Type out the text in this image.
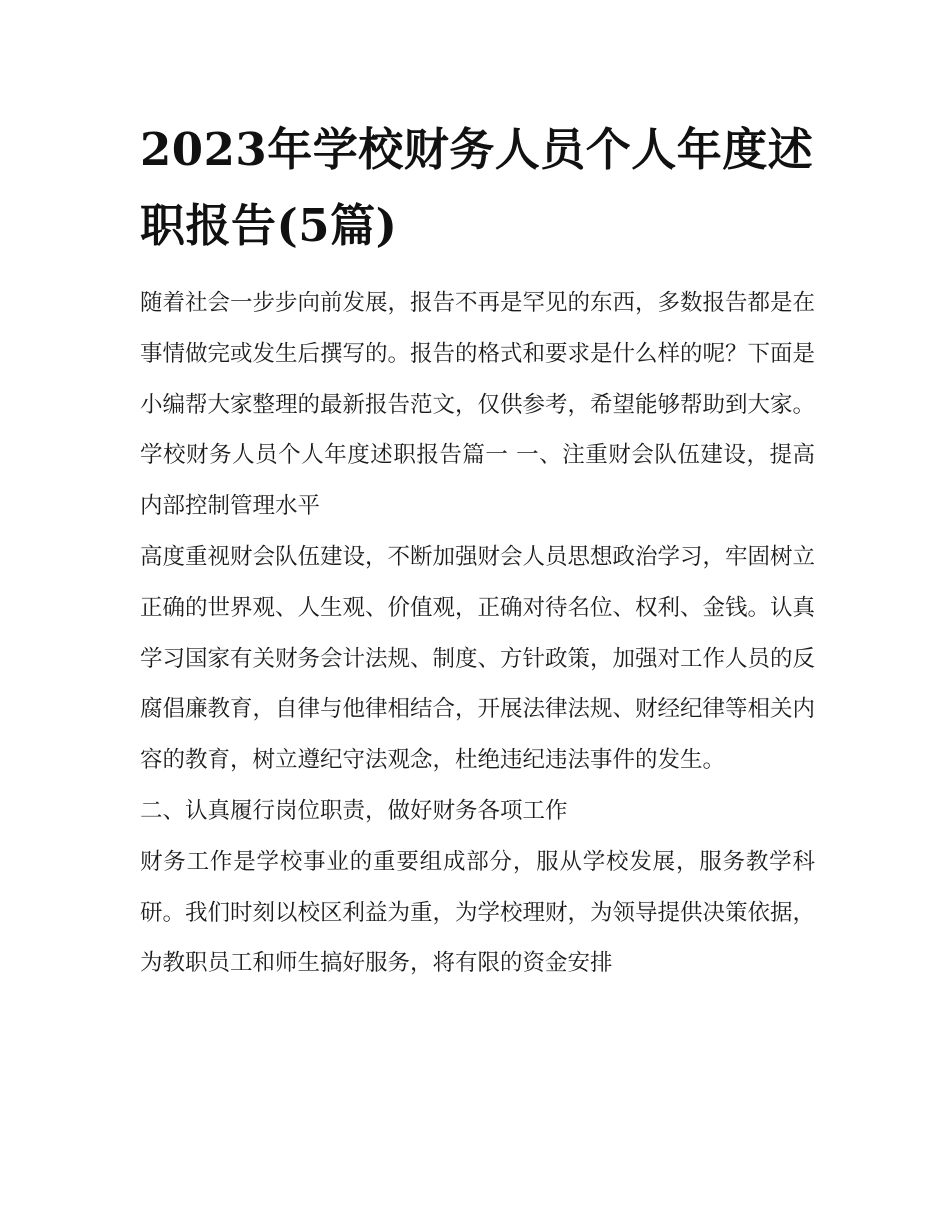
2023年学校财务人员个人年度述职报告(5篇)

随着社会一步步向前发展，报告不再是罕见的东西，多数报告都是在事情做完或发生后撰写的。报告的格式和要求是什么样的呢？下面是小编帮大家整理的最新报告范文，仅供参考，希望能够帮助到大家。

学校财务人员个人年度述职报告篇一 一、注重财会队伍建设，提高内部控制管理水平

高度重视财会队伍建设，不断加强财会人员思想政治学习，牢固树立正确的世界观、人生观、价值观，正确对待名位、权利、金钱。认真学习国家有关财务会计法规、制度、方针政策，加强对工作人员的反腐倡廉教育，自律与他律相结合，开展法律法规、财经纪律等相关内容的教育，树立遵纪守法观念，杜绝违纪违法事件的发生。

二、认真履行岗位职责，做好财务各项工作

财务工作是学校事业的重要组成部分，服从学校发展，服务教学科研。我们时刻以校区利益为重，为学校理财，为领导提供决策依据，为教职员工和师生搞好服务，将有限的资金安排
